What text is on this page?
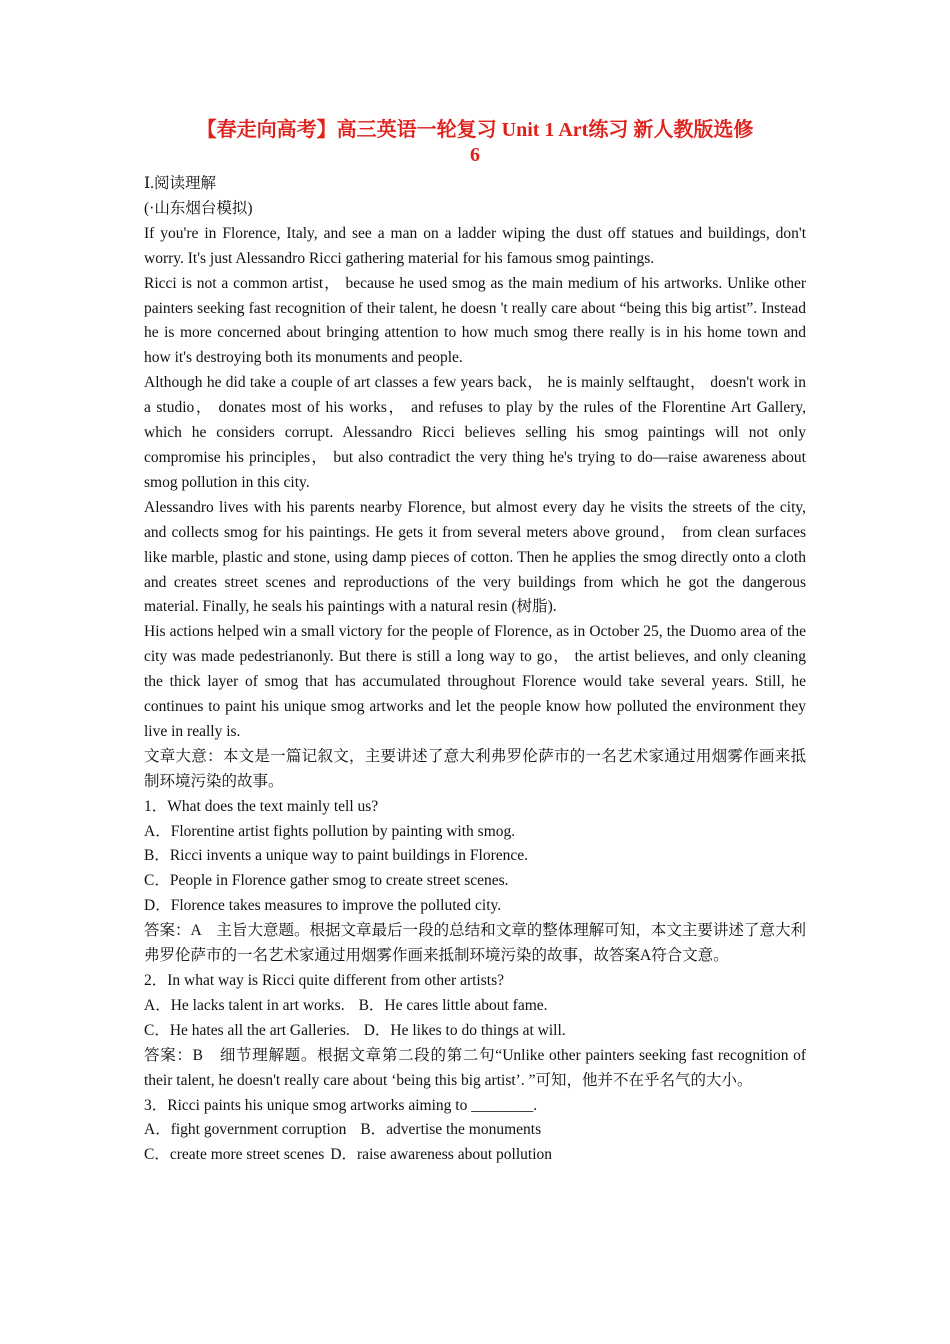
【春走向高考】高三英语一轮复习 Unit 1 Art练习 新人教版选修
6
Ⅰ.阅读理解
(·山东烟台模拟)

If you're in Florence, Italy, and see a man on a ladder wiping the dust off statues and buildings, don't worry. It's just Alessandro Ricci gathering material for his famous smog paintings.

Ricci is not a common artist， because he used smog as the main medium of his artworks. Unlike other painters seeking fast recognition of their talent, he doesn 't really care about “being this big artist”. Instead he is more concerned about bringing attention to how much smog there really is in his home town and how it's destroying both its monuments and people.

Although he did take a couple of art classes a few years back， he is mainly selftaught， doesn't work in a studio， donates most of his works， and refuses to play by the rules of the Florentine Art Gallery, which he considers corrupt. Alessandro Ricci believes selling his smog paintings will not only compromise his principles， but also contradict the very thing he's trying to do—raise awareness about smog pollution in this city.

Alessandro lives with his parents nearby Florence, but almost every day he visits the streets of the city, and collects smog for his paintings. He gets it from several meters above ground， from clean surfaces like marble, plastic and stone, using damp pieces of cotton. Then he applies the smog directly onto a cloth and creates street scenes and reproductions of the very buildings from which he got the dangerous material. Finally, he seals his paintings with a natural resin (树脂).

His actions helped win a small victory for the people of Florence, as in October 25, the Duomo area of the city was made pedestrianonly. But there is still a long way to go， the artist believes, and only cleaning the thick layer of smog that has accumulated throughout Florence would take several years. Still, he continues to paint his unique smog artworks and let the people know how polluted the environment they live in really is.

文章大意：本文是一篇记叙文，主要讲述了意大利弗罗伦萨市的一名艺术家通过用烟雾作画来抵制环境污染的故事。

1．What does the text mainly tell us?
A．Florentine artist fights pollution by painting with smog.
B．Ricci invents a unique way to paint buildings in Florence.
C．People in Florence gather smog to create street scenes.
D．Florence takes measures to improve the polluted city.

答案：A　主旨大意题。根据文章最后一段的总结和文章的整体理解可知，本文主要讲述了意大利弗罗伦萨市的一名艺术家通过用烟雾作画来抵制环境污染的故事，故答案A符合文意。

2．In what way is Ricci quite different from other artists?
A．He lacks talent in art works. B．He cares little about fame.
C．He hates all the art Galleries. D．He likes to do things at will.

答案：B　细节理解题。根据文章第二段的第二句“Unlike other painters seeking fast recognition of their talent, he doesn't really care about ‘being this big artist’. ”可知，他并不在乎名气的大小。

3．Ricci paints his unique smog artworks aiming to ________.
A．fight government corruption B．advertise the monuments
C．create more street scenes D．raise awareness about pollution
